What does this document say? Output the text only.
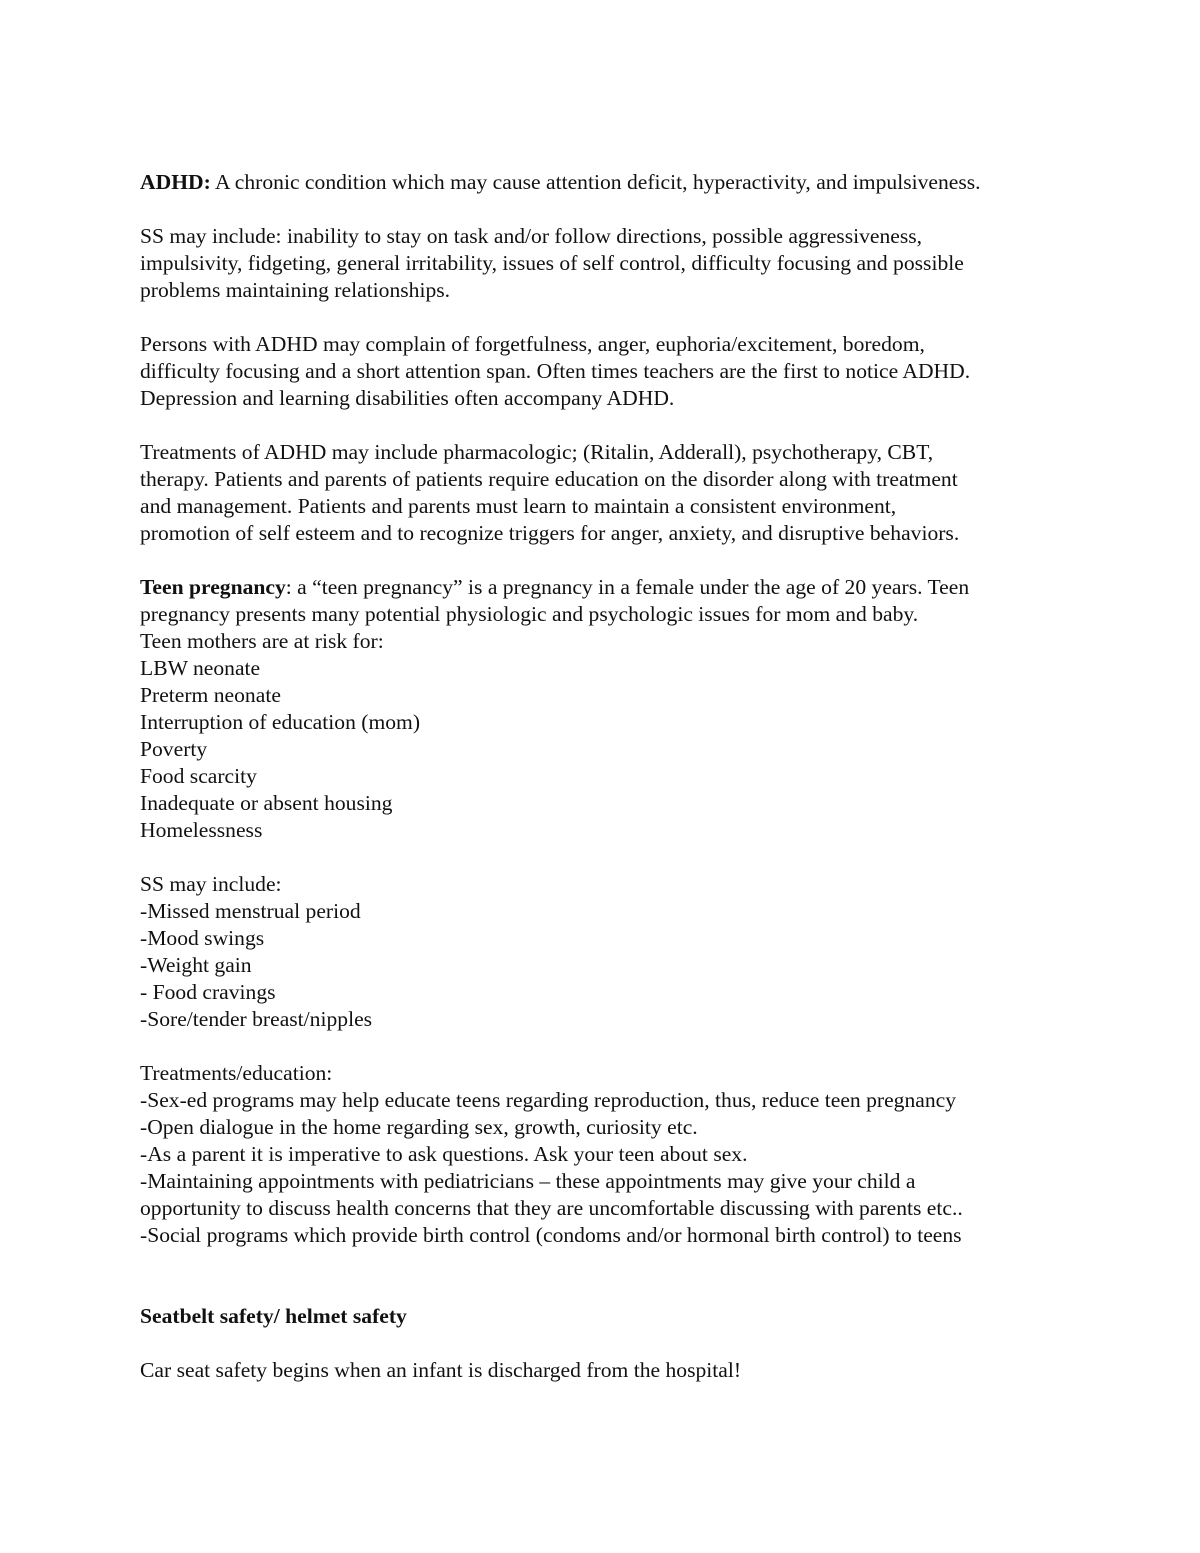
ADHD: A chronic condition which may cause attention deficit, hyperactivity, and impulsiveness.
SS may include: inability to stay on task and/or follow directions, possible aggressiveness,
impulsivity, fidgeting, general irritability, issues of self control, difficulty focusing and possible
problems maintaining relationships.
Persons with ADHD may complain of forgetfulness, anger, euphoria/excitement, boredom,
difficulty focusing and a short attention span. Often times teachers are the first to notice ADHD.
Depression and learning disabilities often accompany ADHD.
Treatments of ADHD may include pharmacologic; (Ritalin, Adderall), psychotherapy, CBT,
therapy. Patients and parents of patients require education on the disorder along with treatment
and management. Patients and parents must learn to maintain a consistent environment,
promotion of self esteem and to recognize triggers for anger, anxiety, and disruptive behaviors.
Teen pregnancy: a “teen pregnancy” is a pregnancy in a female under the age of 20 years. Teen
pregnancy presents many potential physiologic and psychologic issues for mom and baby.
Teen mothers are at risk for:
LBW neonate
Preterm neonate
Interruption of education (mom)
Poverty
Food scarcity
Inadequate or absent housing
Homelessness
SS may include:
-Missed menstrual period
-Mood swings
-Weight gain
- Food cravings
-Sore/tender breast/nipples
Treatments/education:
-Sex-ed programs may help educate teens regarding reproduction, thus, reduce teen pregnancy
-Open dialogue in the home regarding sex, growth, curiosity etc.
-As a parent it is imperative to ask questions. Ask your teen about sex.
-Maintaining appointments with pediatricians – these appointments may give your child a
opportunity to discuss health concerns that they are uncomfortable discussing with parents etc..
-Social programs which provide birth control (condoms and/or hormonal birth control) to teens
Seatbelt safety/ helmet safety
Car seat safety begins when an infant is discharged from the hospital!
